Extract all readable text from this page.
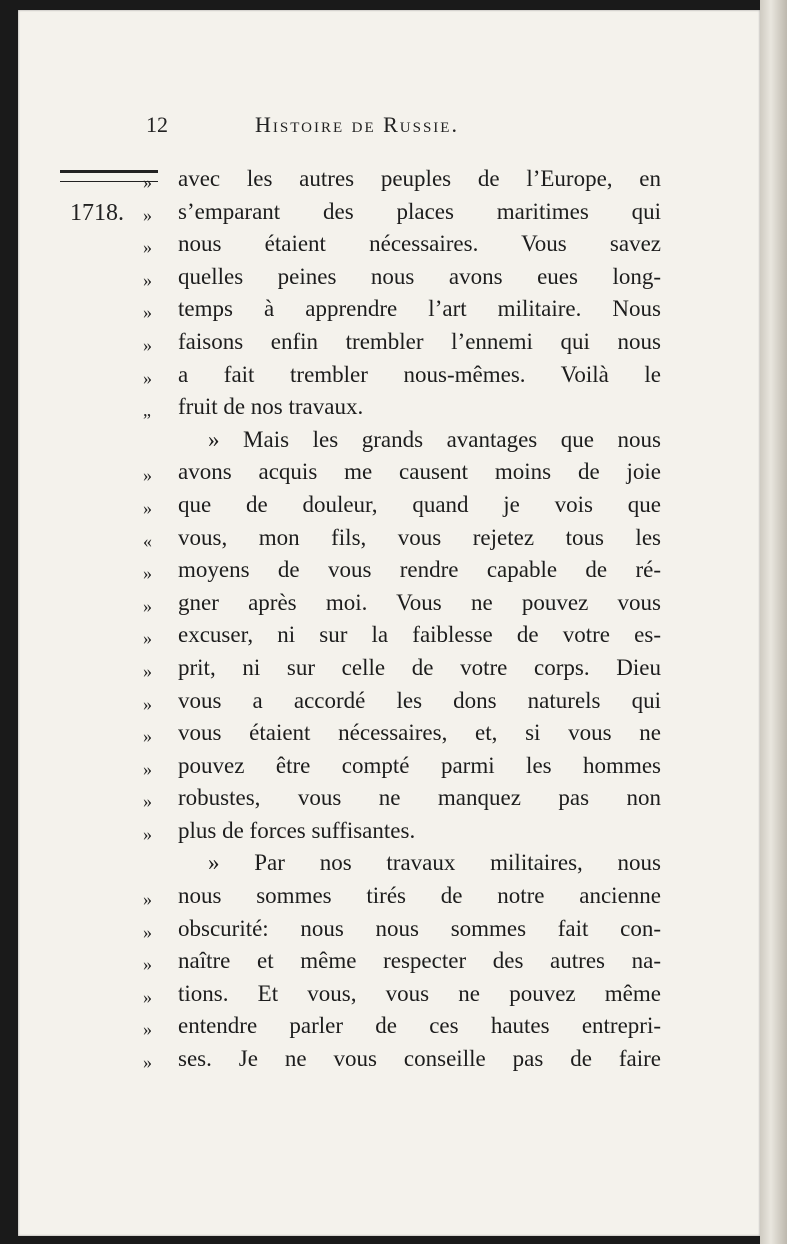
12	Histoire de Russie.
1718.
»	avec les autres peuples de l’Europe, en
»	s’emparant des places maritimes qui
»	nous étaient nécessaires. Vous savez
»	quelles peines nous avons eues long-
»	temps à apprendre l’art militaire. Nous
»	faisons enfin trembler l’ennemi qui nous
»	a fait trembler nous-mêmes. Voilà le
„	fruit de nos travaux.
» Mais les grands avantages que nous
»	avons acquis me causent moins de joie
»	que de douleur, quand je vois que
«	vous, mon fils, vous rejetez tous les
»	moyens de vous rendre capable de ré-
»	gner après moi. Vous ne pouvez vous
»	excuser, ni sur la faiblesse de votre es-
»	prit, ni sur celle de votre corps. Dieu
»	vous a accordé les dons naturels qui
»	vous étaient nécessaires, et, si vous ne
»	pouvez être compté parmi les hommes
»	robustes, vous ne manquez pas non
»	plus de forces suffisantes.
» Par nos travaux militaires, nous
»	nous sommes tirés de notre ancienne
»	obscurité: nous nous sommes fait con-
»	naître et même respecter des autres na-
»	tions. Et vous, vous ne pouvez même
»	entendre parler de ces hautes entrepri-
»	ses. Je ne vous conseille pas de faire
